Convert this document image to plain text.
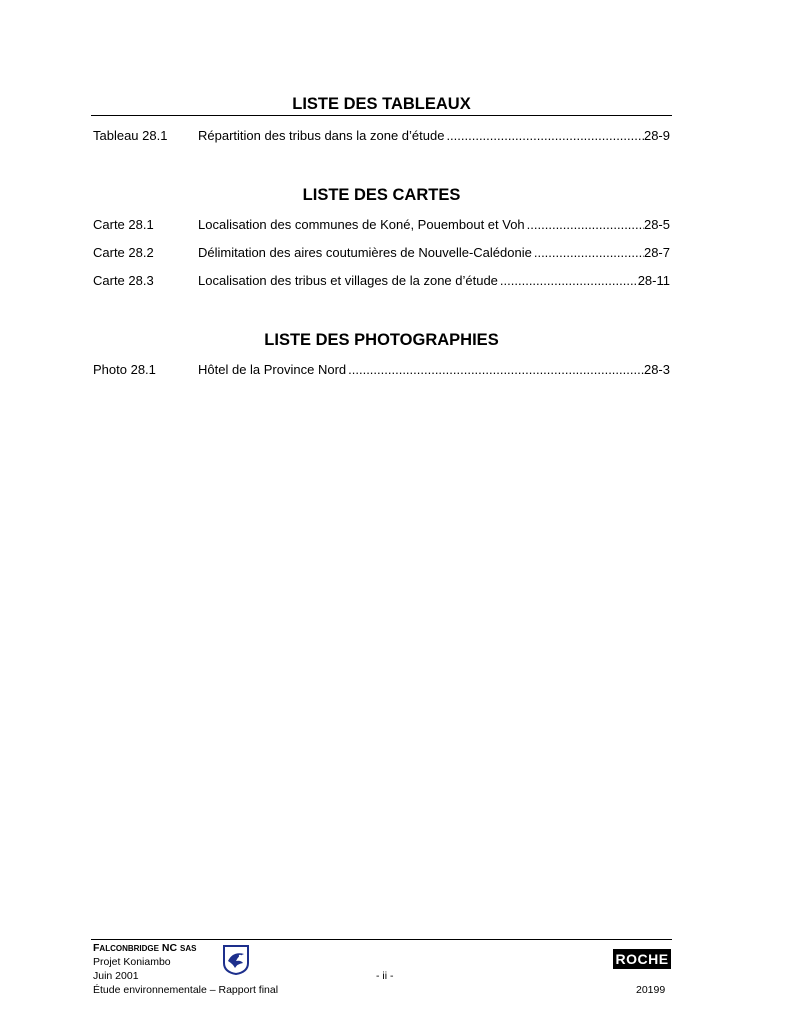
LISTE DES TABLEAUX
Tableau 28.1 Répartition des tribus dans la zone d’étude .....	28-9
LISTE DES CARTES
Carte 28.1	Localisation des communes de Koné, Pouembout et Voh .....	28-5
Carte 28.2	Délimitation des aires coutumières de Nouvelle-Calédonie .....	28-7
Carte 28.3	Localisation des tribus et villages de la zone d’étude .....	28-11
LISTE DES PHOTOGRAPHIES
Photo 28.1	Hôtel de la Province Nord .....	28-3
FALCONBRIDGE NC SAS
Projet Koniambo
Juin 2001	- ii -
Étude environnementale – Rapport final	20199
ROCHE
